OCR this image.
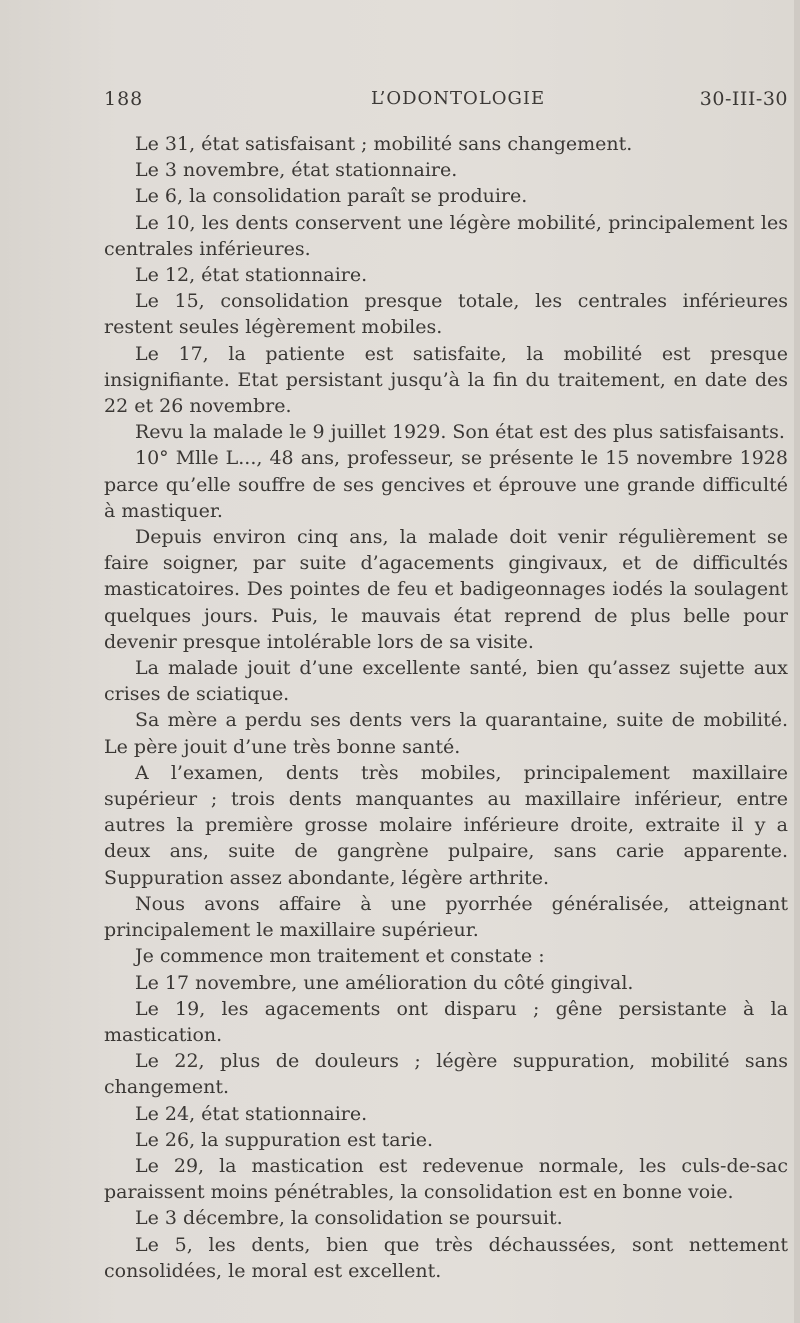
188	L’ODONTOLOGIE	30-III-30

Le 31, état satisfaisant ; mobilité sans changement.

Le 3 novembre, état stationnaire.

Le 6, la consolidation paraît se produire.

Le 10, les dents conservent une légère mobilité, principalement les centrales inférieures.

Le 12, état stationnaire.

Le 15, consolidation presque totale, les centrales inférieures restent seules légèrement mobiles.

Le 17, la patiente est satisfaite, la mobilité est presque insignifiante. Etat persistant jusqu’à la fin du traitement, en date des 22 et 26 novembre.

Revu la malade le 9 juillet 1929. Son état est des plus satisfaisants.

10° Mlle L..., 48 ans, professeur, se présente le 15 novembre 1928 parce qu’elle souffre de ses gencives et éprouve une grande difficulté à mastiquer.

Depuis environ cinq ans, la malade doit venir régulièrement se faire soigner, par suite d’agacements gingivaux, et de difficultés masticatoires. Des pointes de feu et badigeonnages iodés la soulagent quelques jours. Puis, le mauvais état reprend de plus belle pour devenir presque intolérable lors de sa visite.

La malade jouit d’une excellente santé, bien qu’assez sujette aux crises de sciatique.

Sa mère a perdu ses dents vers la quarantaine, suite de mobilité. Le père jouit d’une très bonne santé.

A l’examen, dents très mobiles, principalement maxillaire supérieur ; trois dents manquantes au maxillaire inférieur, entre autres la première grosse molaire inférieure droite, extraite il y a deux ans, suite de gangrène pulpaire, sans carie apparente. Suppuration assez abondante, légère arthrite.

Nous avons affaire à une pyorrhée généralisée, atteignant principalement le maxillaire supérieur.

Je commence mon traitement et constate :

Le 17 novembre, une amélioration du côté gingival.

Le 19, les agacements ont disparu ; gêne persistante à la mastication.

Le 22, plus de douleurs ; légère suppuration, mobilité sans changement.

Le 24, état stationnaire.

Le 26, la suppuration est tarie.

Le 29, la mastication est redevenue normale, les culs-de-sac paraissent moins pénétrables, la consolidation est en bonne voie.

Le 3 décembre, la consolidation se poursuit.

Le 5, les dents, bien que très déchaussées, sont nettement consolidées, le moral est excellent.
